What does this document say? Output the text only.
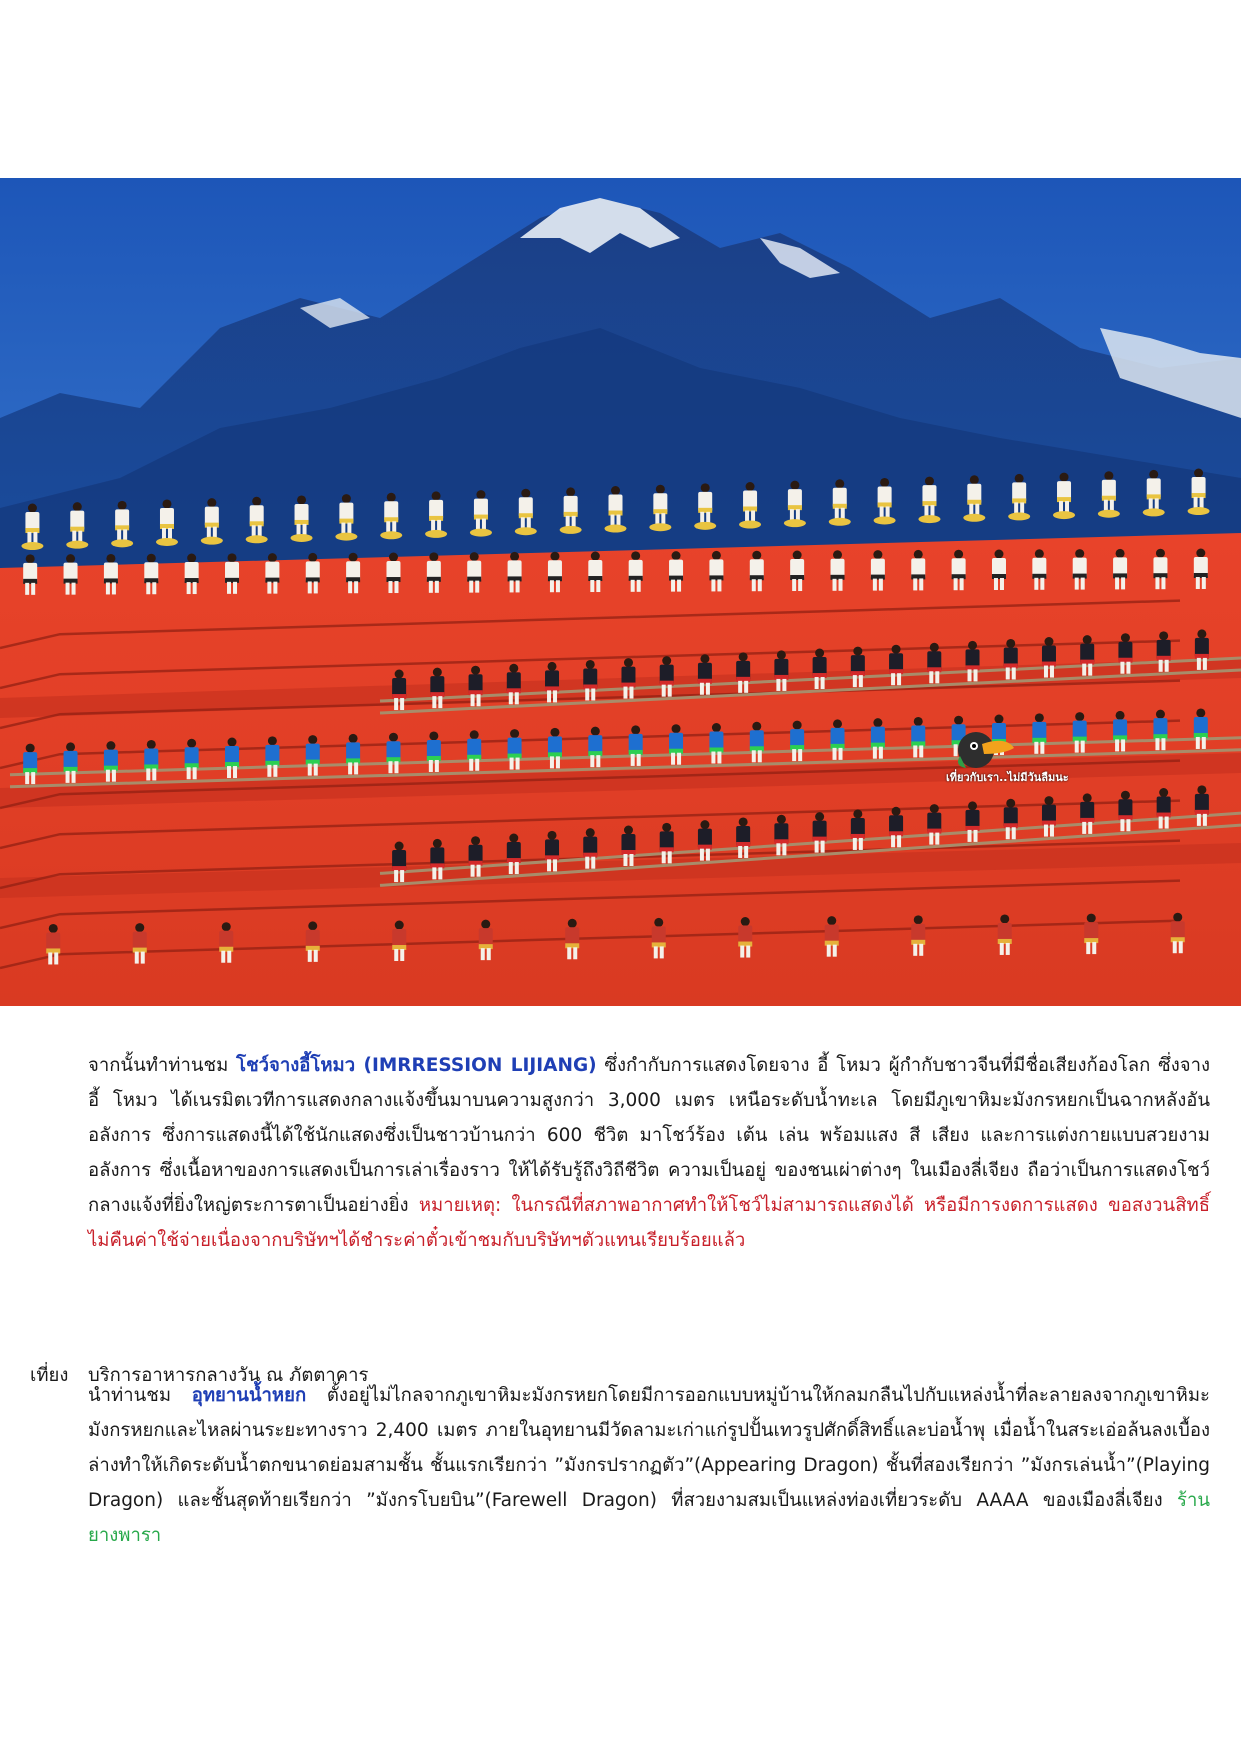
เที่ยวกับเรา..ไม่มีวันลืมนะ

จากนั้นทำท่านชม โชว์จางอี้โหมว (IMRRESSION LIJIANG) ซึ่งกำกับการแสดงโดยจาง อี้ โหมว ผู้กำกับชาวจีนที่มีชื่อเสียงก้องโลก ซึ่งจาง อี้ โหมว ได้เนรมิตเวทีการแสดงกลางแจ้งขึ้นมาบนความสูงกว่า 3,000 เมตร เหนือระดับน้ำทะเล โดยมีภูเขาหิมะมังกรหยกเป็นฉากหลังอันอลังการ ซึ่งการแสดงนี้ได้ใช้นักแสดงซึ่งเป็นชาวบ้านกว่า 600 ชีวิต มาโชว์ร้อง เต้น เล่น พร้อมแสง สี เสียง และการแต่งกายแบบสวยงามอลังการ ซึ่งเนื้อหาของการแสดงเป็นการเล่าเรื่องราว ให้ได้รับรู้ถึงวิถีชีวิต ความเป็นอยู่ ของชนเผ่าต่างๆ ในเมืองลี่เจียง ถือว่าเป็นการแสดงโชว์กลางแจ้งที่ยิ่งใหญ่ตระการตาเป็นอย่างยิ่ง หมายเหตุ: ในกรณีที่สภาพอากาศทำให้โชว์ไม่สามารถแสดงได้ หรือมีการงดการแสดง ขอสงวนสิทธิ์ไม่คืนค่าใช้จ่ายเนื่องจากบริษัทฯได้ชำระค่าตั๋วเข้าชมกับบริษัทฯตัวแทนเรียบร้อยแล้ว

เที่ยง บริการอาหารกลางวัน ณ ภัตตาคาร

นำท่านชม อุทยานน้ำหยก ตั้งอยู่ไม่ไกลจากภูเขาหิมะมังกรหยกโดยมีการออกแบบหมู่บ้านให้กลมกลืนไปกับแหล่งน้ำที่ละลายลงจากภูเขาหิมะมังกรหยกและไหลผ่านระยะทางราว 2,400 เมตร ภายในอุทยานมีวัดลามะเก่าแก่รูปปั้นเทวรูปศักดิ์สิทธิ์และบ่อน้ำพุ เมื่อน้ำในสระเอ่อล้นลงเบื้องล่างทำให้เกิดระดับน้ำตกขนาดย่อมสามชั้น ชั้นแรกเรียกว่า ”มังกรปรากฏตัว”(Appearing Dragon) ชั้นที่สองเรียกว่า ”มังกรเล่นน้ำ”(Playing Dragon) และชั้นสุดท้ายเรียกว่า ”มังกรโบยบิน”(Farewell Dragon) ที่สวยงามสมเป็นแหล่งท่องเที่ยวระดับ AAAA ของเมืองลี่เจียง ร้านยางพารา
